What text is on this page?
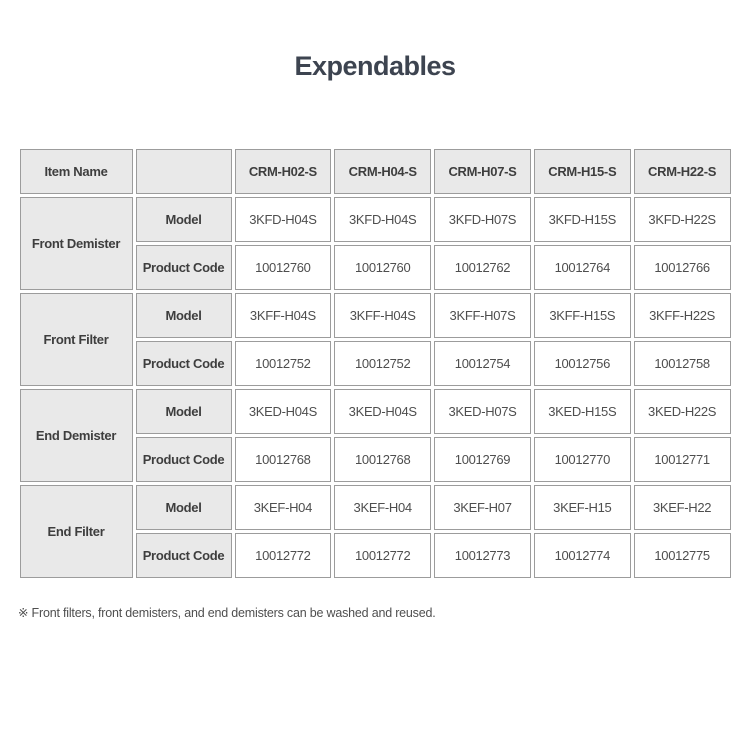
Expendables
Item Name		CRM-H02-S	CRM-H04-S	CRM-H07-S	CRM-H15-S	CRM-H22-S
Front Demister	Model	3KFD-H04S	3KFD-H04S	3KFD-H07S	3KFD-H15S	3KFD-H22S
	Product Code	10012760	10012760	10012762	10012764	10012766
Front Filter	Model	3KFF-H04S	3KFF-H04S	3KFF-H07S	3KFF-H15S	3KFF-H22S
	Product Code	10012752	10012752	10012754	10012756	10012758
End Demister	Model	3KED-H04S	3KED-H04S	3KED-H07S	3KED-H15S	3KED-H22S
	Product Code	10012768	10012768	10012769	10012770	10012771
End Filter	Model	3KEF-H04	3KEF-H04	3KEF-H07	3KEF-H15	3KEF-H22
	Product Code	10012772	10012772	10012773	10012774	10012775

※ Front filters, front demisters, and end demisters can be washed and reused.
